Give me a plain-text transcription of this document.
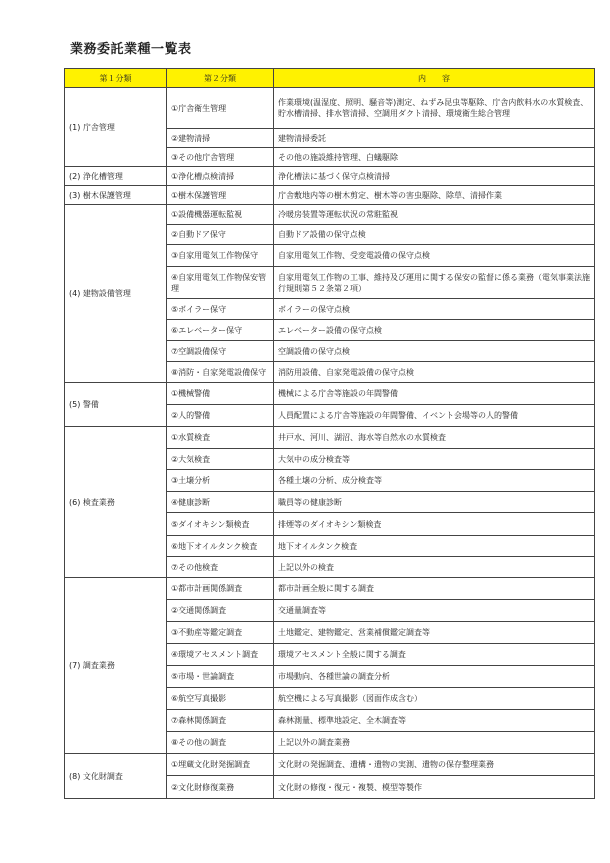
業務委託業種一覧表
第１分類	第２分類	内　　容
(1) 庁舎管理	①庁舎衛生管理	作業環境(温湿度、照明、騒音等)測定、ねずみ昆虫等駆除、庁舎内飲料水の水質検査、貯水槽清掃、排水管清掃、空調用ダクト清掃、環境衛生総合管理
	②建物清掃	建物清掃委託
	③その他庁舎管理	その他の施設維持管理、白蟻駆除
(2) 浄化槽管理	①浄化槽点検清掃	浄化槽法に基づく保守点検清掃
(3) 樹木保護管理	①樹木保護管理	庁舎敷地内等の樹木剪定、樹木等の害虫駆除、除草、清掃作業
(4) 建物設備管理	①設備機器運転監視	冷暖房装置等運転状況の常駐監視
	②自動ドア保守	自動ドア設備の保守点検
	③自家用電気工作物保守	自家用電気工作物、受変電設備の保守点検
	④自家用電気工作物保安管理	自家用電気工作物の工事、維持及び運用に関する保安の監督に係る業務（電気事業法施行規則第５２条第２項）
	⑤ボイラー保守	ボイラーの保守点検
	⑥エレベーター保守	エレベーター設備の保守点検
	⑦空調設備保守	空調設備の保守点検
	⑧消防・自家発電設備保守	消防用設備、自家発電設備の保守点検
(5) 警備	①機械警備	機械による庁舎等施設の年間警備
	②人的警備	人員配置による庁舎等施設の年間警備、イベント会場等の人的警備
(6) 検査業務	①水質検査	井戸水、河川、湖沼、海水等自然水の水質検査
	②大気検査	大気中の成分検査等
	③土壌分析	各種土壌の分析、成分検査等
	④健康診断	職員等の健康診断
	⑤ダイオキシン類検査	排煙等のダイオキシン類検査
	⑥地下オイルタンク検査	地下オイルタンク検査
	⑦その他検査	上記以外の検査
(7) 調査業務	①都市計画関係調査	都市計画全般に関する調査
	②交通関係調査	交通量調査等
	③不動産等鑑定調査	土地鑑定、建物鑑定、営業補償鑑定調査等
	④環境アセスメント調査	環境アセスメント全般に関する調査
	⑤市場・世論調査	市場動向、各種世論の調査分析
	⑥航空写真撮影	航空機による写真撮影（図面作成含む）
	⑦森林関係調査	森林測量、標準地設定、全木調査等
	⑧その他の調査	上記以外の調査業務
(8) 文化財調査	①埋蔵文化財発掘調査	文化財の発掘調査、遺構・遺物の実測、遺物の保存整理業務
	②文化財修復業務	文化財の修復・復元・複製、模型等製作
